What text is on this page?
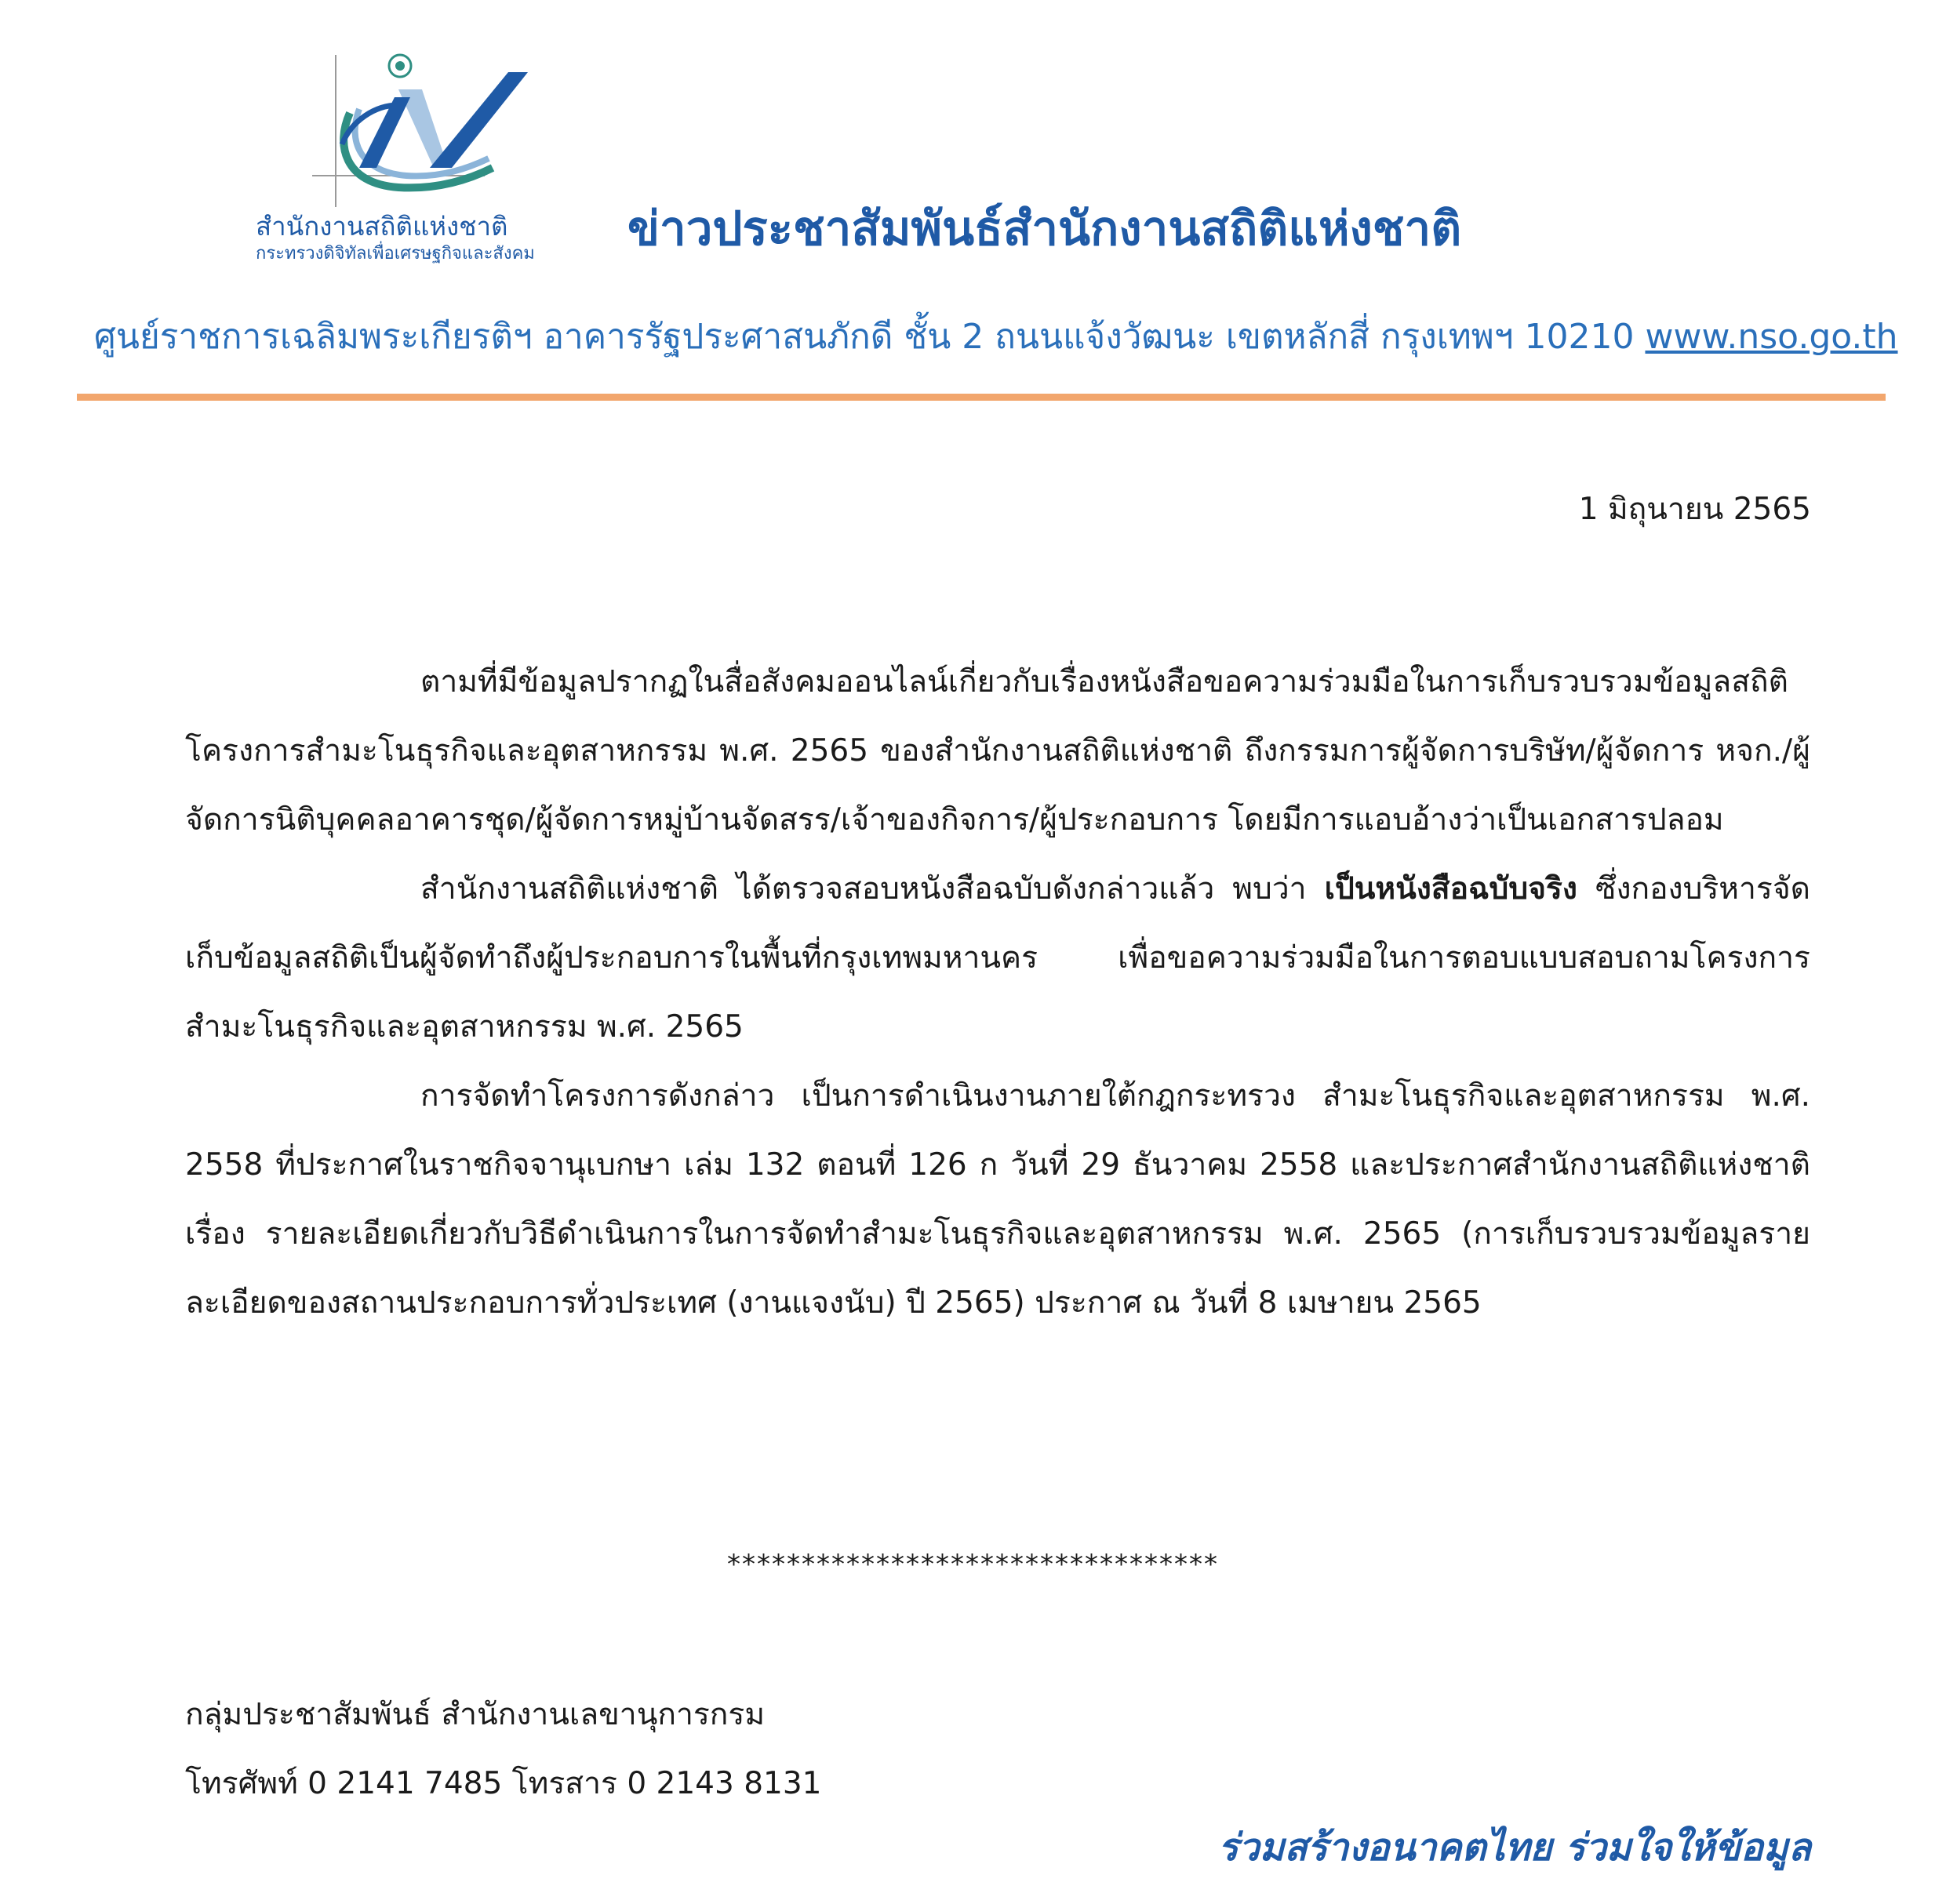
สำนักงานสถิติแห่งชาติ
กระทรวงดิจิทัลเพื่อเศรษฐกิจและสังคม ข่าวประชาสัมพันธ์สำนักงานสถิติแห่งชาติ
ศูนย์ราชการเฉลิมพระเกียรติฯ อาคารรัฐประศาสนภักดี ชั้น 2 ถนนแจ้งวัฒนะ เขตหลักสี่ กรุงเทพฯ 10210 www.nso.go.th
1 มิถุนายน 2565

ตามที่มีข้อมูลปรากฏในสื่อสังคมออนไลน์เกี่ยวกับเรื่องหนังสือขอความร่วมมือในการเก็บรวบรวมข้อมูลสถิติโครงการสำมะโนธุรกิจและอุตสาหกรรม พ.ศ. 2565 ของสำนักงานสถิติแห่งชาติ ถึงกรรมการผู้จัดการบริษัท/ผู้จัดการ หจก./ผู้จัดการนิติบุคคลอาคารชุด/ผู้จัดการหมู่บ้านจัดสรร/เจ้าของกิจการ/ผู้ประกอบการ โดยมีการแอบอ้างว่าเป็นเอกสารปลอม

สำนักงานสถิติแห่งชาติ ได้ตรวจสอบหนังสือฉบับดังกล่าวแล้ว พบว่า เป็นหนังสือฉบับจริง ซึ่งกองบริหารจัดเก็บข้อมูลสถิติเป็นผู้จัดทำถึงผู้ประกอบการในพื้นที่กรุงเทพมหานคร เพื่อขอความร่วมมือในการตอบแบบสอบถามโครงการสำมะโนธุรกิจและอุตสาหกรรม พ.ศ. 2565

การจัดทำโครงการดังกล่าว เป็นการดำเนินงานภายใต้กฎกระทรวง สำมะโนธุรกิจและอุตสาหกรรม พ.ศ. 2558 ที่ประกาศในราชกิจจานุเบกษา เล่ม 132 ตอนที่ 126 ก วันที่ 29 ธันวาคม 2558 และประกาศสำนักงานสถิติแห่งชาติ เรื่อง รายละเอียดเกี่ยวกับวิธีดำเนินการในการจัดทำสำมะโนธุรกิจและอุตสาหกรรม พ.ศ. 2565 (การเก็บรวบรวมข้อมูลรายละเอียดของสถานประกอบการทั่วประเทศ (งานแจงนับ) ปี 2565) ประกาศ ณ วันที่ 8 เมษายน 2565

*********************************
กลุ่มประชาสัมพันธ์ สำนักงานเลขานุการกรม
โทรศัพท์ 0 2141 7485 โทรสาร 0 2143 8131
ร่วมสร้างอนาคตไทย ร่วมใจให้ข้อมูล
